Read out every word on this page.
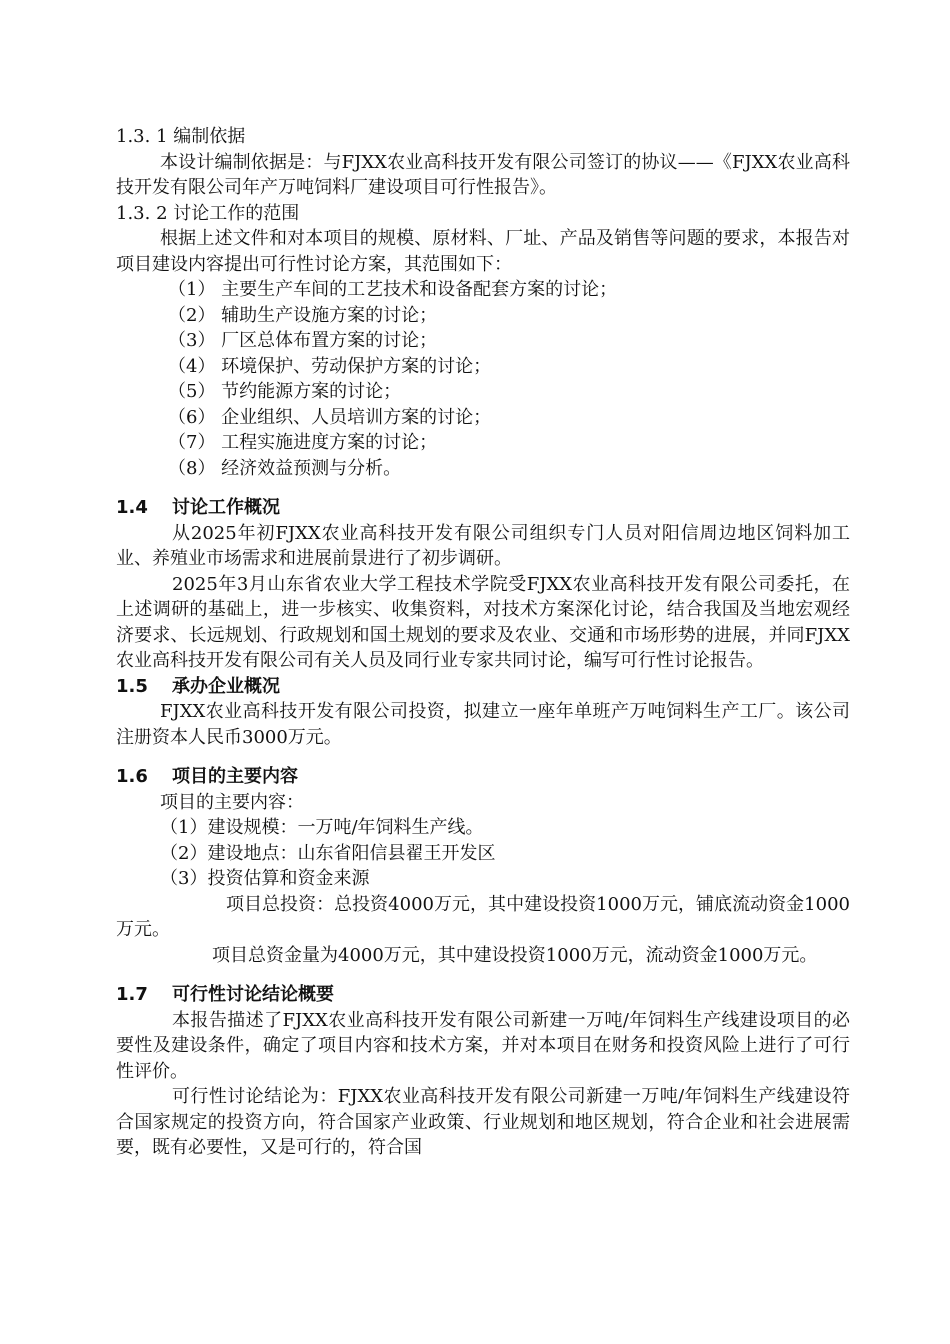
1.3. 1 编制依据

本设计编制依据是：与FJXX农业高科技开发有限公司签订的协议——《FJXX农业高科技开发有限公司年产万吨饲料厂建设项目可行性报告》。

1.3. 2 讨论工作的范围

根据上述文件和对本项目的规模、原材料、厂址、产品及销售等问题的要求，本报告对项目建设内容提出可行性讨论方案，其范围如下：

（1） 主要生产车间的工艺技术和设备配套方案的讨论；

（2） 辅助生产设施方案的讨论；

（3） 厂区总体布置方案的讨论；

（4） 环境保护、劳动保护方案的讨论；

（5） 节约能源方案的讨论；

（6） 企业组织、人员培训方案的讨论；

（7） 工程实施进度方案的讨论；

（8） 经济效益预测与分析。

1.4 讨论工作概况

从2025年初FJXX农业高科技开发有限公司组织专门人员对阳信周边地区饲料加工业、养殖业市场需求和进展前景进行了初步调研。

2025年3月山东省农业大学工程技术学院受FJXX农业高科技开发有限公司委托，在上述调研的基础上，进一步核实、收集资料，对技术方案深化讨论，结合我国及当地宏观经济要求、长远规划、行政规划和国土规划的要求及农业、交通和市场形势的进展，并同FJXX农业高科技开发有限公司有关人员及同行业专家共同讨论，编写可行性讨论报告。

1.5 承办企业概况

FJXX农业高科技开发有限公司投资，拟建立一座年单班产万吨饲料生产工厂。该公司注册资本人民币3000万元。

1.6 项目的主要内容

项目的主要内容：

（1）建设规模：一万吨/年饲料生产线。

（2）建设地点：山东省阳信县翟王开发区

（3）投资估算和资金来源

项目总投资：总投资4000万元，其中建设投资1000万元，铺底流动资金1000万元。

项目总资金量为4000万元，其中建设投资1000万元，流动资金1000万元。

1.7 可行性讨论结论概要

本报告描述了FJXX农业高科技开发有限公司新建一万吨/年饲料生产线建设项目的必要性及建设条件，确定了项目内容和技术方案，并对本项目在财务和投资风险上进行了可行性评价。

可行性讨论结论为：FJXX农业高科技开发有限公司新建一万吨/年饲料生产线建设符合国家规定的投资方向，符合国家产业政策、行业规划和地区规划，符合企业和社会进展需要，既有必要性，又是可行的，符合国
